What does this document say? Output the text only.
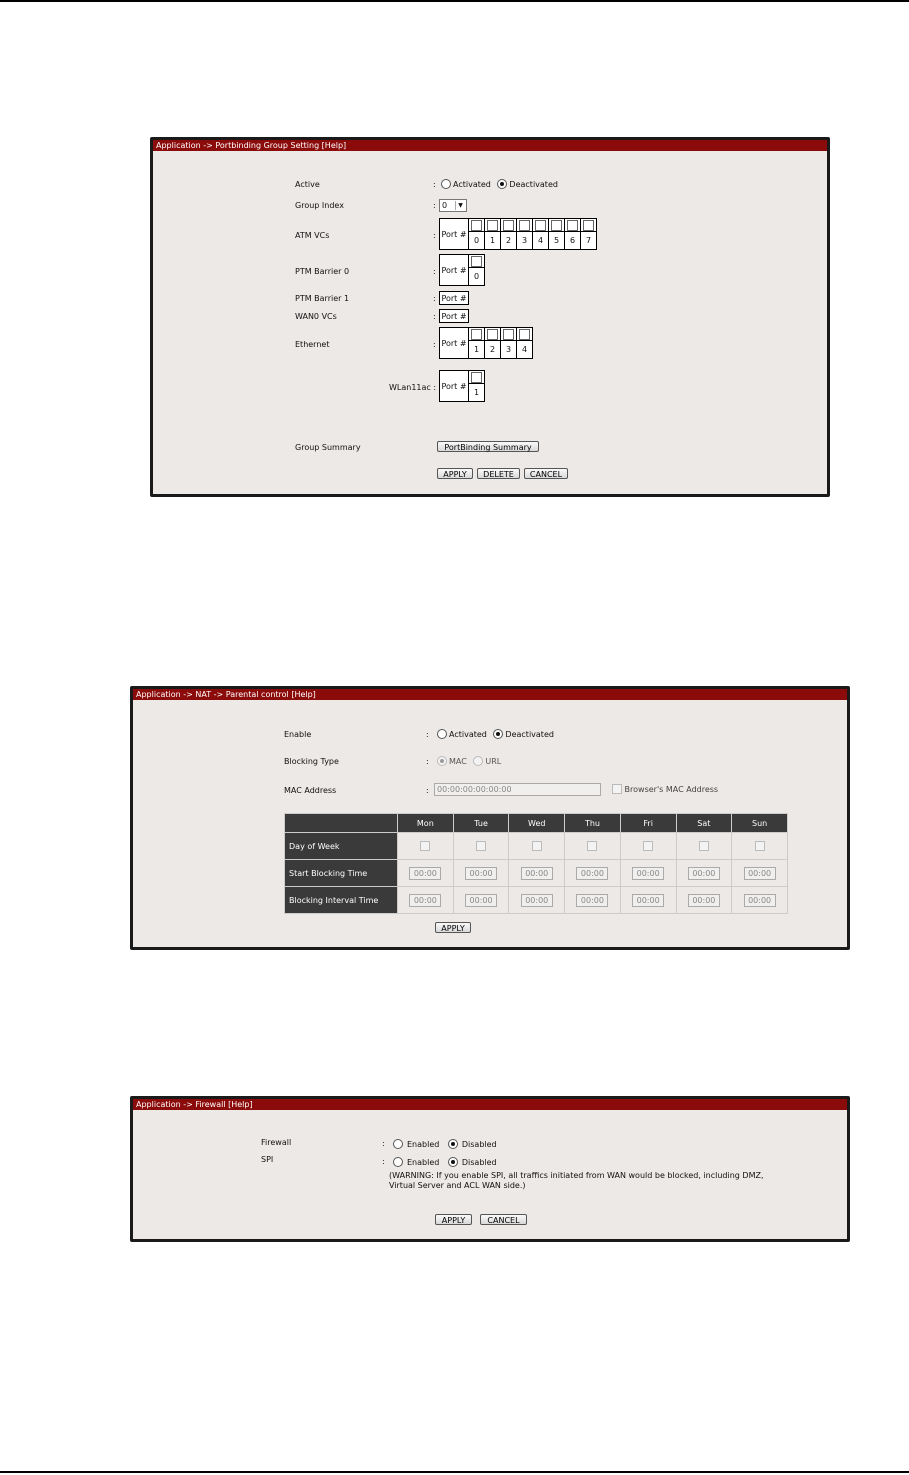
Application -> Portbinding Group Setting [Help]
Active	:	Activated Deactivated
Group Index	: 0	▼
ATM VCs	: Port #
0	1	2	3	4	5	6	7
PTM Barrier 0	: Port #
0
PTM Barrier 1	: Port #
WAN0 VCs	: Port #
Ethernet	: Port #
1	2	3	4
WLan11ac : Port #
1
Group Summary	PortBinding Summary
APPLY	DELETE	CANCEL
Application -> NAT -> Parental control [Help]
Enable	:	Activated Deactivated
Blocking Type	:	MAC URL
MAC Address	:	00:00:00:00:00:00	Browser's MAC Address
	Mon	Tue	Wed	Thu	Fri	Sat	Sun
Day of Week							
Start Blocking Time	00:00	00:00	00:00	00:00	00:00	00:00	00:00
Blocking Interval Time	00:00	00:00	00:00	00:00	00:00	00:00	00:00
APPLY
Application -> Firewall [Help]
Firewall	:	Enabled	Disabled
SPI	:	Enabled	Disabled
(WARNING: If you enable SPI, all traffics initiated from WAN would be blocked, including DMZ,
Virtual Server and ACL WAN side.)
APPLY	CANCEL
